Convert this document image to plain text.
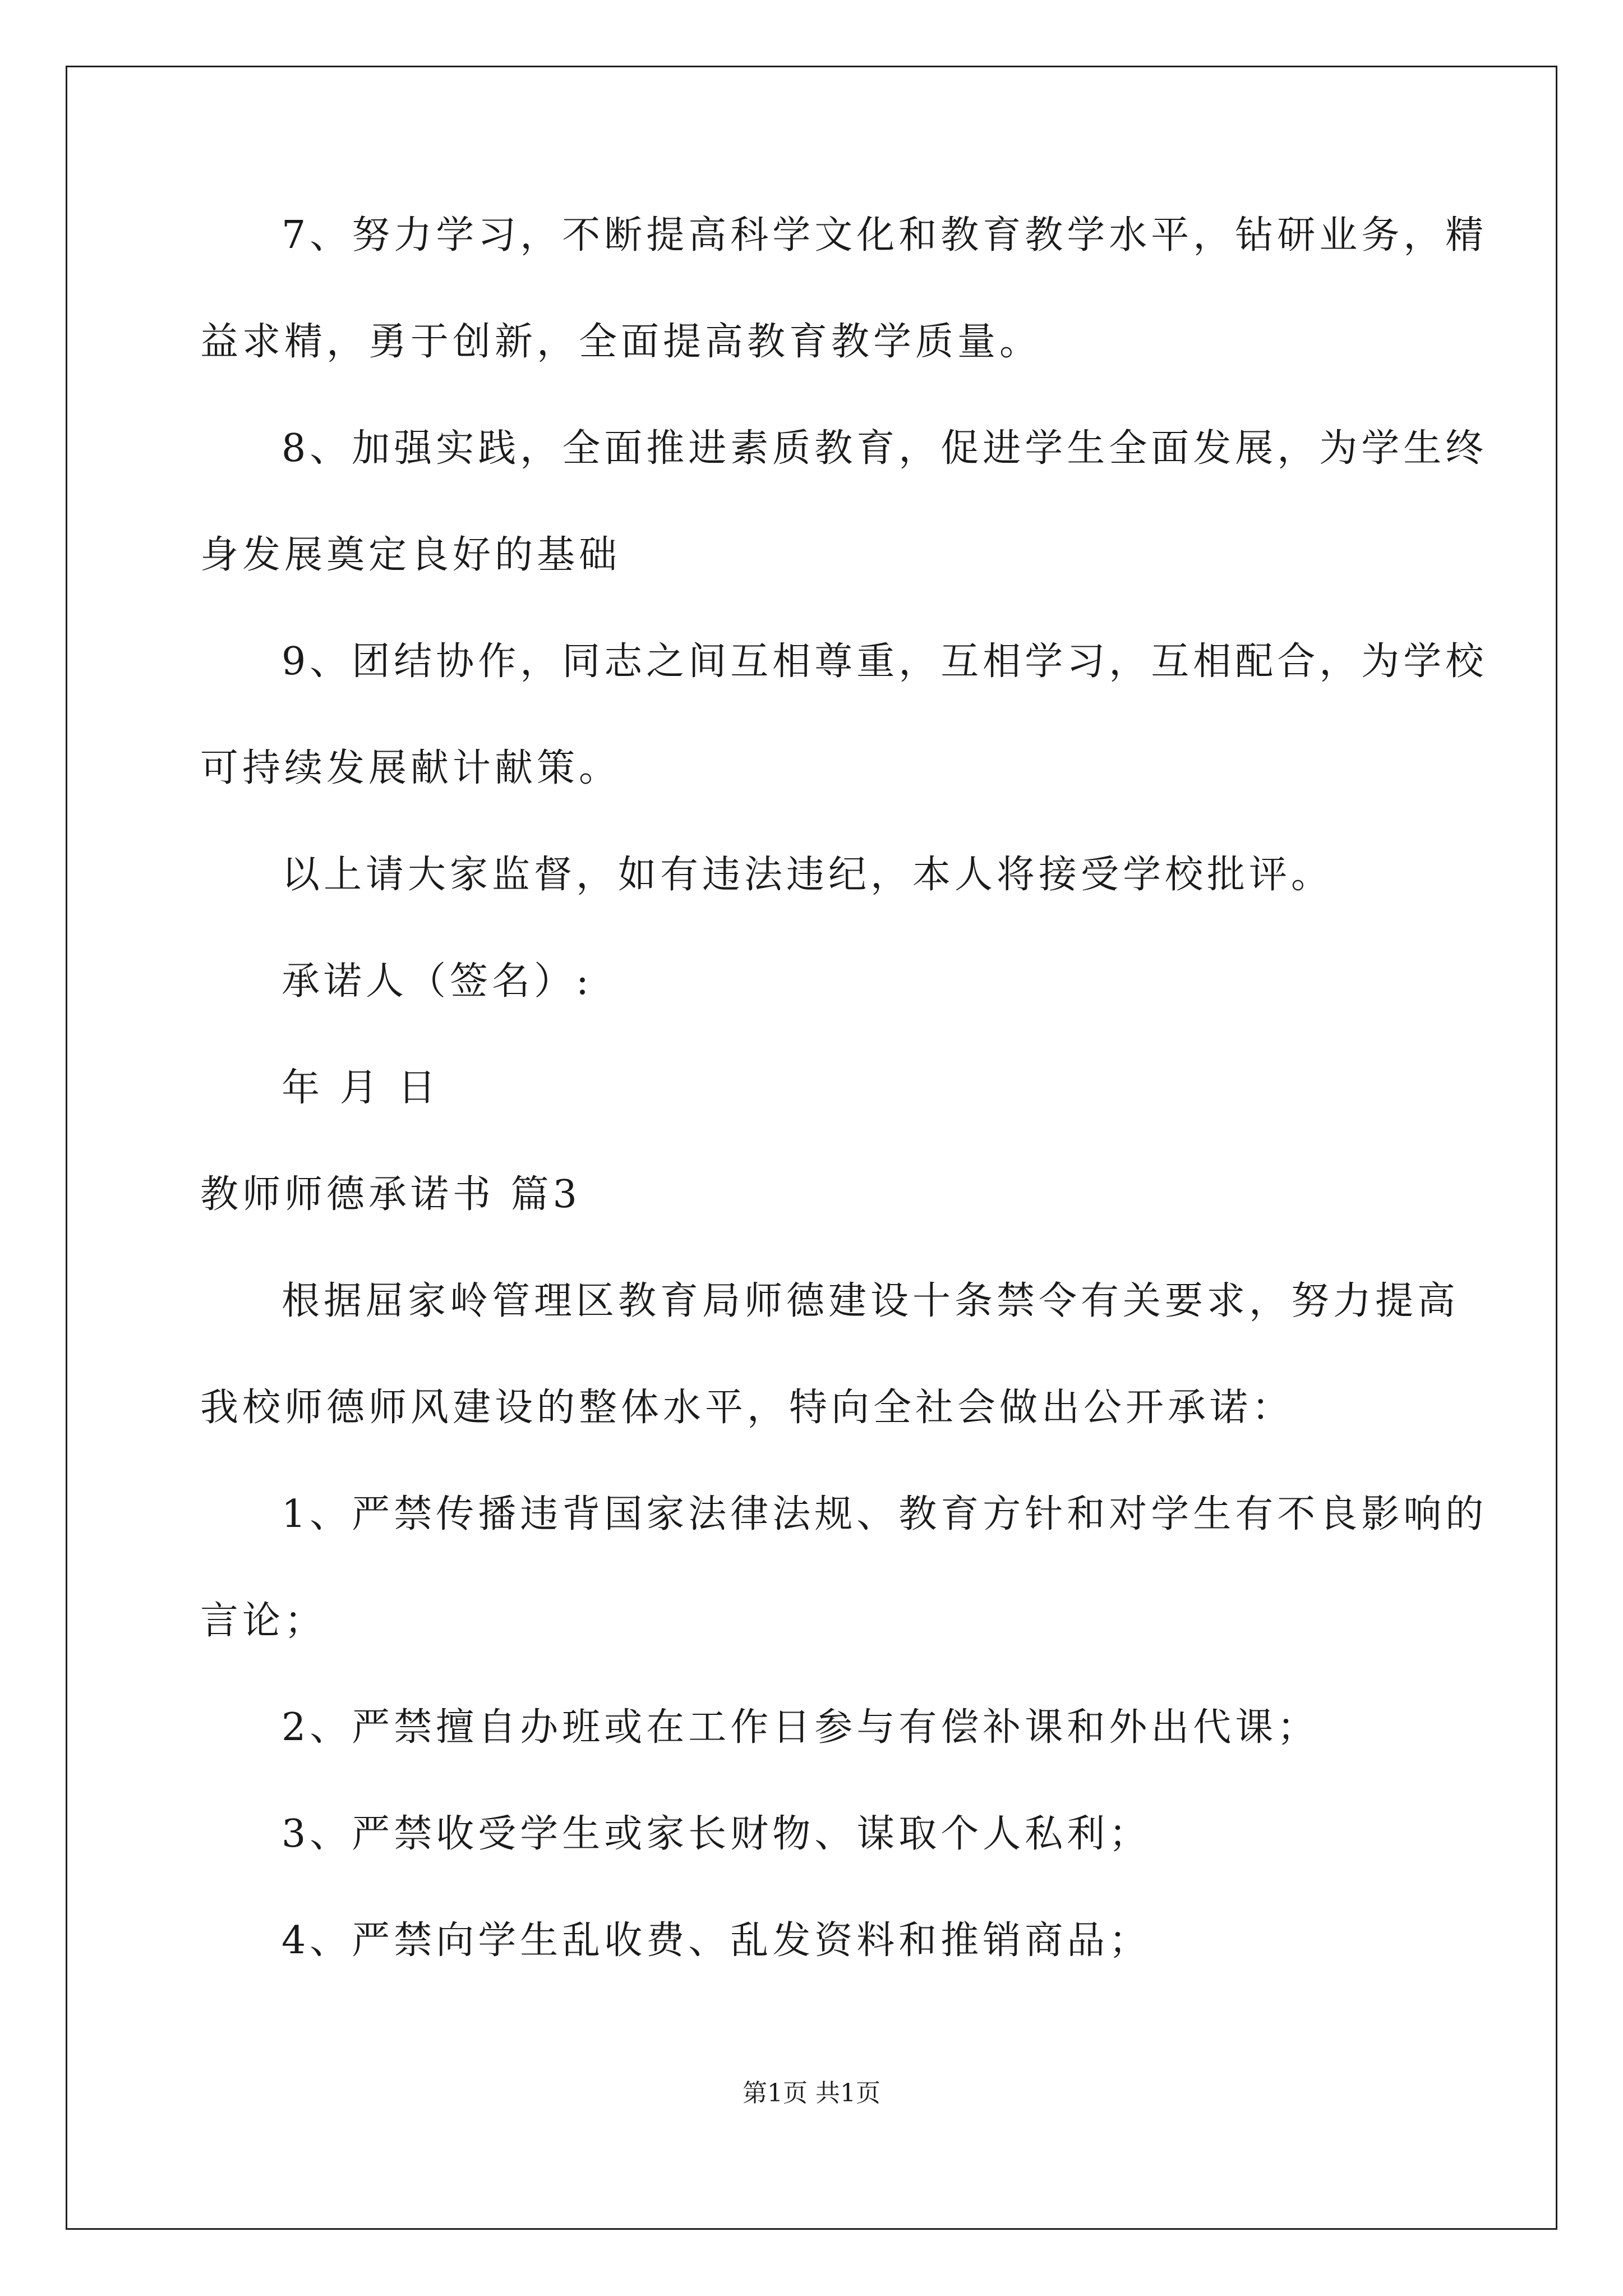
7、努力学习，不断提高科学文化和教育教学水平，钻研业务，精
益求精，勇于创新，全面提高教育教学质量。
8、加强实践，全面推进素质教育，促进学生全面发展，为学生终
身发展奠定良好的基础
9、团结协作，同志之间互相尊重，互相学习，互相配合，为学校
可持续发展献计献策。
以上请大家监督，如有违法违纪，本人将接受学校批评。
承诺人（签名）:
年 月 日
教师师德承诺书 篇3
根据屈家岭管理区教育局师德建设十条禁令有关要求，努力提高
我校师德师风建设的整体水平，特向全社会做出公开承诺：
1、严禁传播违背国家法律法规、教育方针和对学生有不良影响的
言论；
2、严禁擅自办班或在工作日参与有偿补课和外出代课；
3、严禁收受学生或家长财物、谋取个人私利；
4、严禁向学生乱收费、乱发资料和推销商品；
第1页 共1页
